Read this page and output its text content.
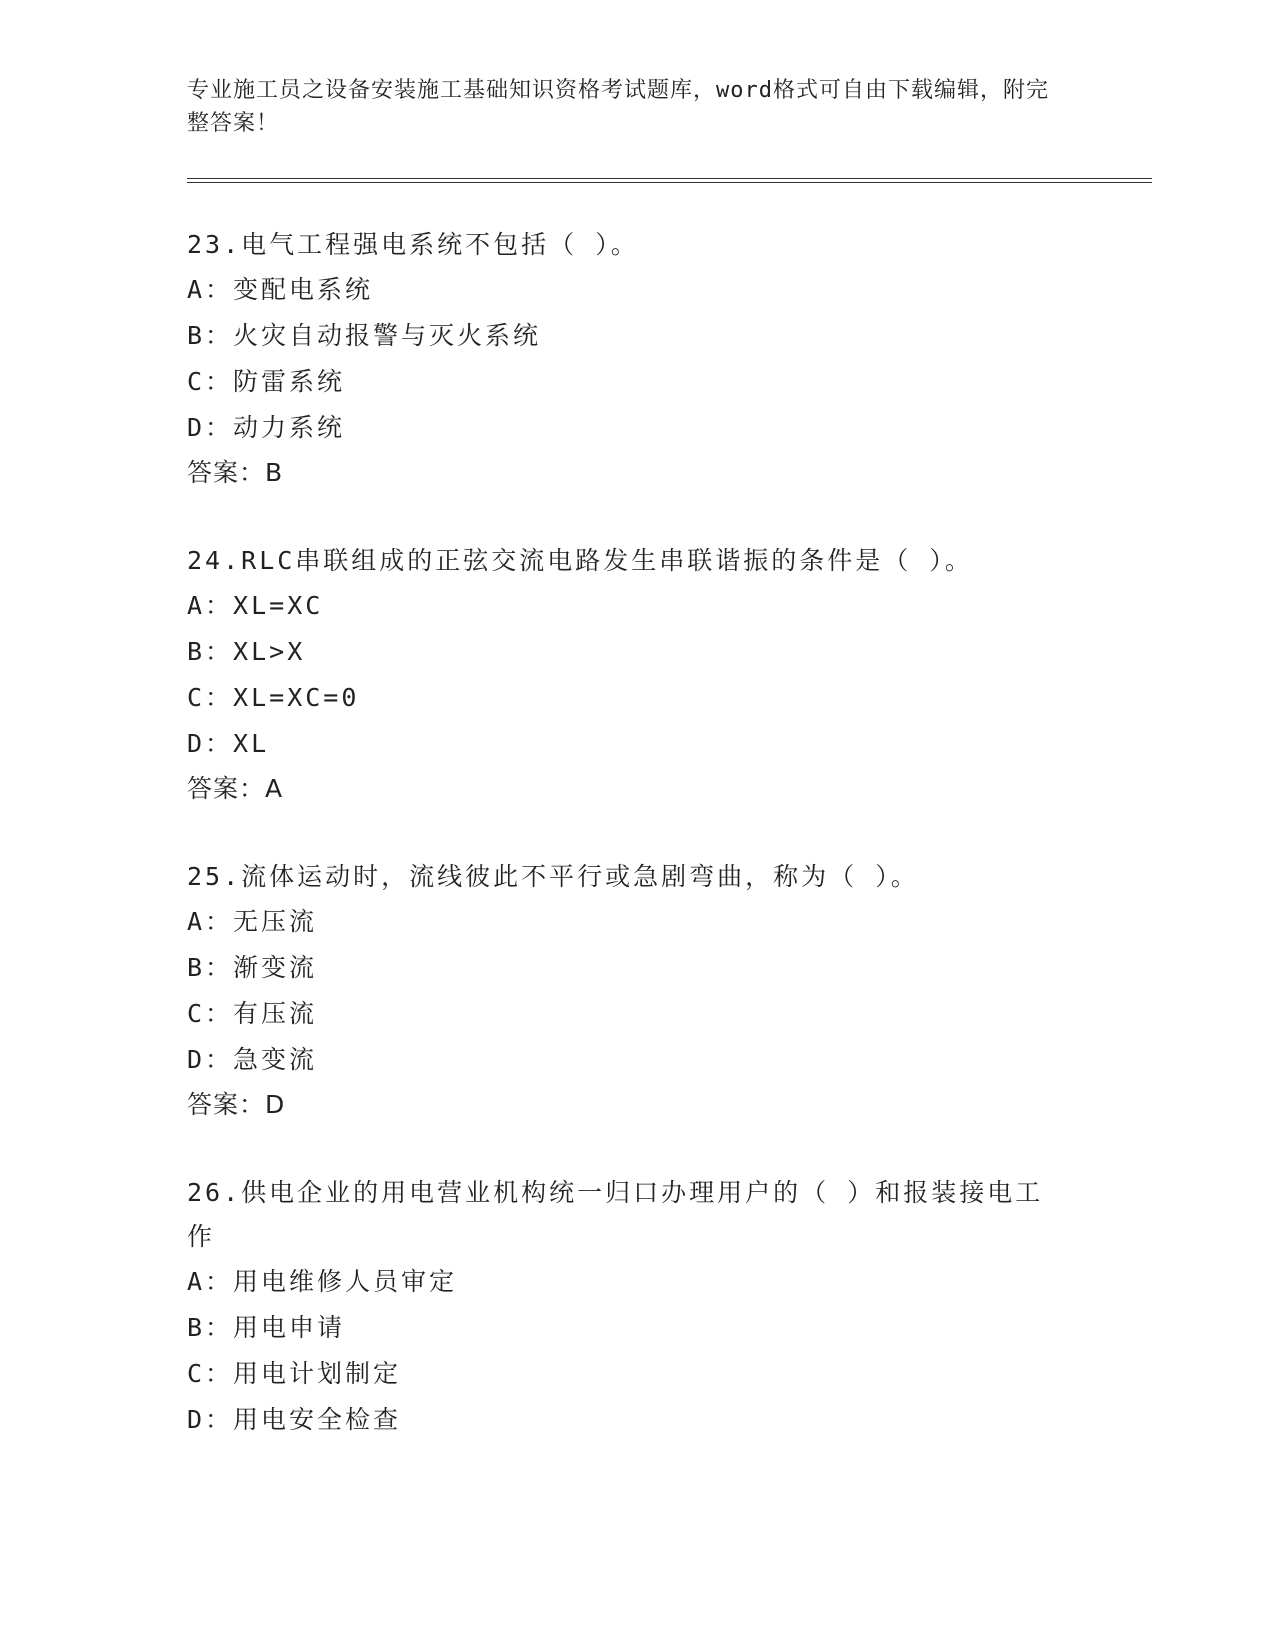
专业施工员之设备安装施工基础知识资格考试题库，word格式可自由下载编辑，附完整答案！

23.电气工程强电系统不包括（ ）。

A：变配电系统

B：火灾自动报警与灭火系统

C：防雷系统

D：动力系统

答案：B

24.RLC串联组成的正弦交流电路发生串联谐振的条件是（ ）。

A：XL=XC

B：XL>X

C：XL=XC=0

D：XL

答案：A

25.流体运动时，流线彼此不平行或急剧弯曲，称为（ ）。

A：无压流

B：渐变流

C：有压流

D：急变流

答案：D

26.供电企业的用电营业机构统一归口办理用户的（ ）和报装接电工作

A：用电维修人员审定

B：用电申请

C：用电计划制定

D：用电安全检查
